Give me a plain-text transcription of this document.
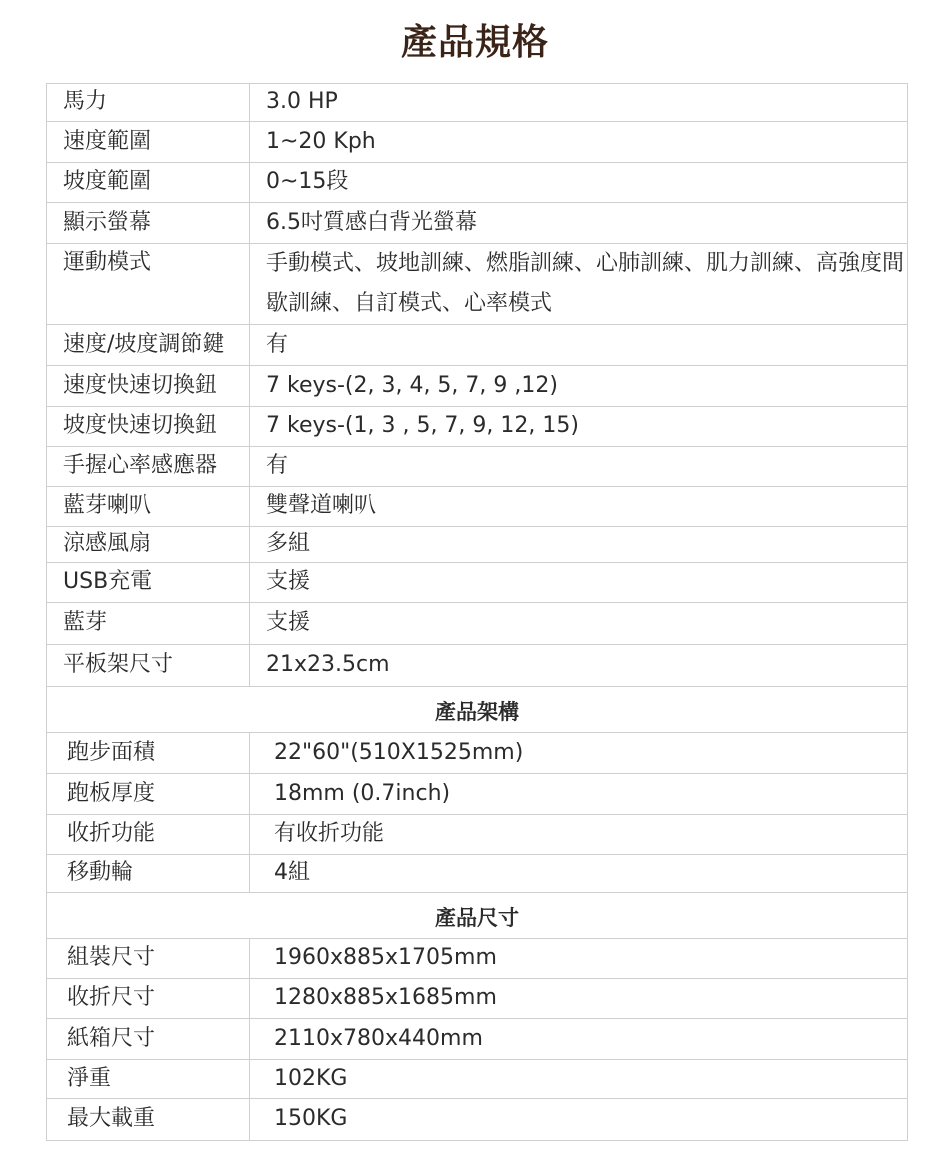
產品規格
馬力	3.0 HP
速度範圍	1~20 Kph
坡度範圍	0~15段
顯示螢幕	6.5吋質感白背光螢幕
運動模式	手動模式、坡地訓練、燃脂訓練、心肺訓練、肌力訓練、高強度間歇訓練、自訂模式、心率模式
速度/坡度調節鍵	有
速度快速切換鈕	7 keys-(2, 3, 4, 5, 7, 9 ,12)
坡度快速切換鈕	7 keys-(1, 3 , 5, 7, 9, 12, 15)
手握心率感應器	有
藍芽喇叭	雙聲道喇叭
涼感風扇	多組
USB充電	支援
藍芽	支援
平板架尺寸	21x23.5cm
產品架構	
跑步面積	22"60"(510X1525mm)
跑板厚度	18mm (0.7inch)
收折功能	有收折功能
移動輪	4組
產品尺寸	
組裝尺寸	1960x885x1705mm
收折尺寸	1280x885x1685mm
紙箱尺寸	2110x780x440mm
淨重	102KG
最大載重	150KG
